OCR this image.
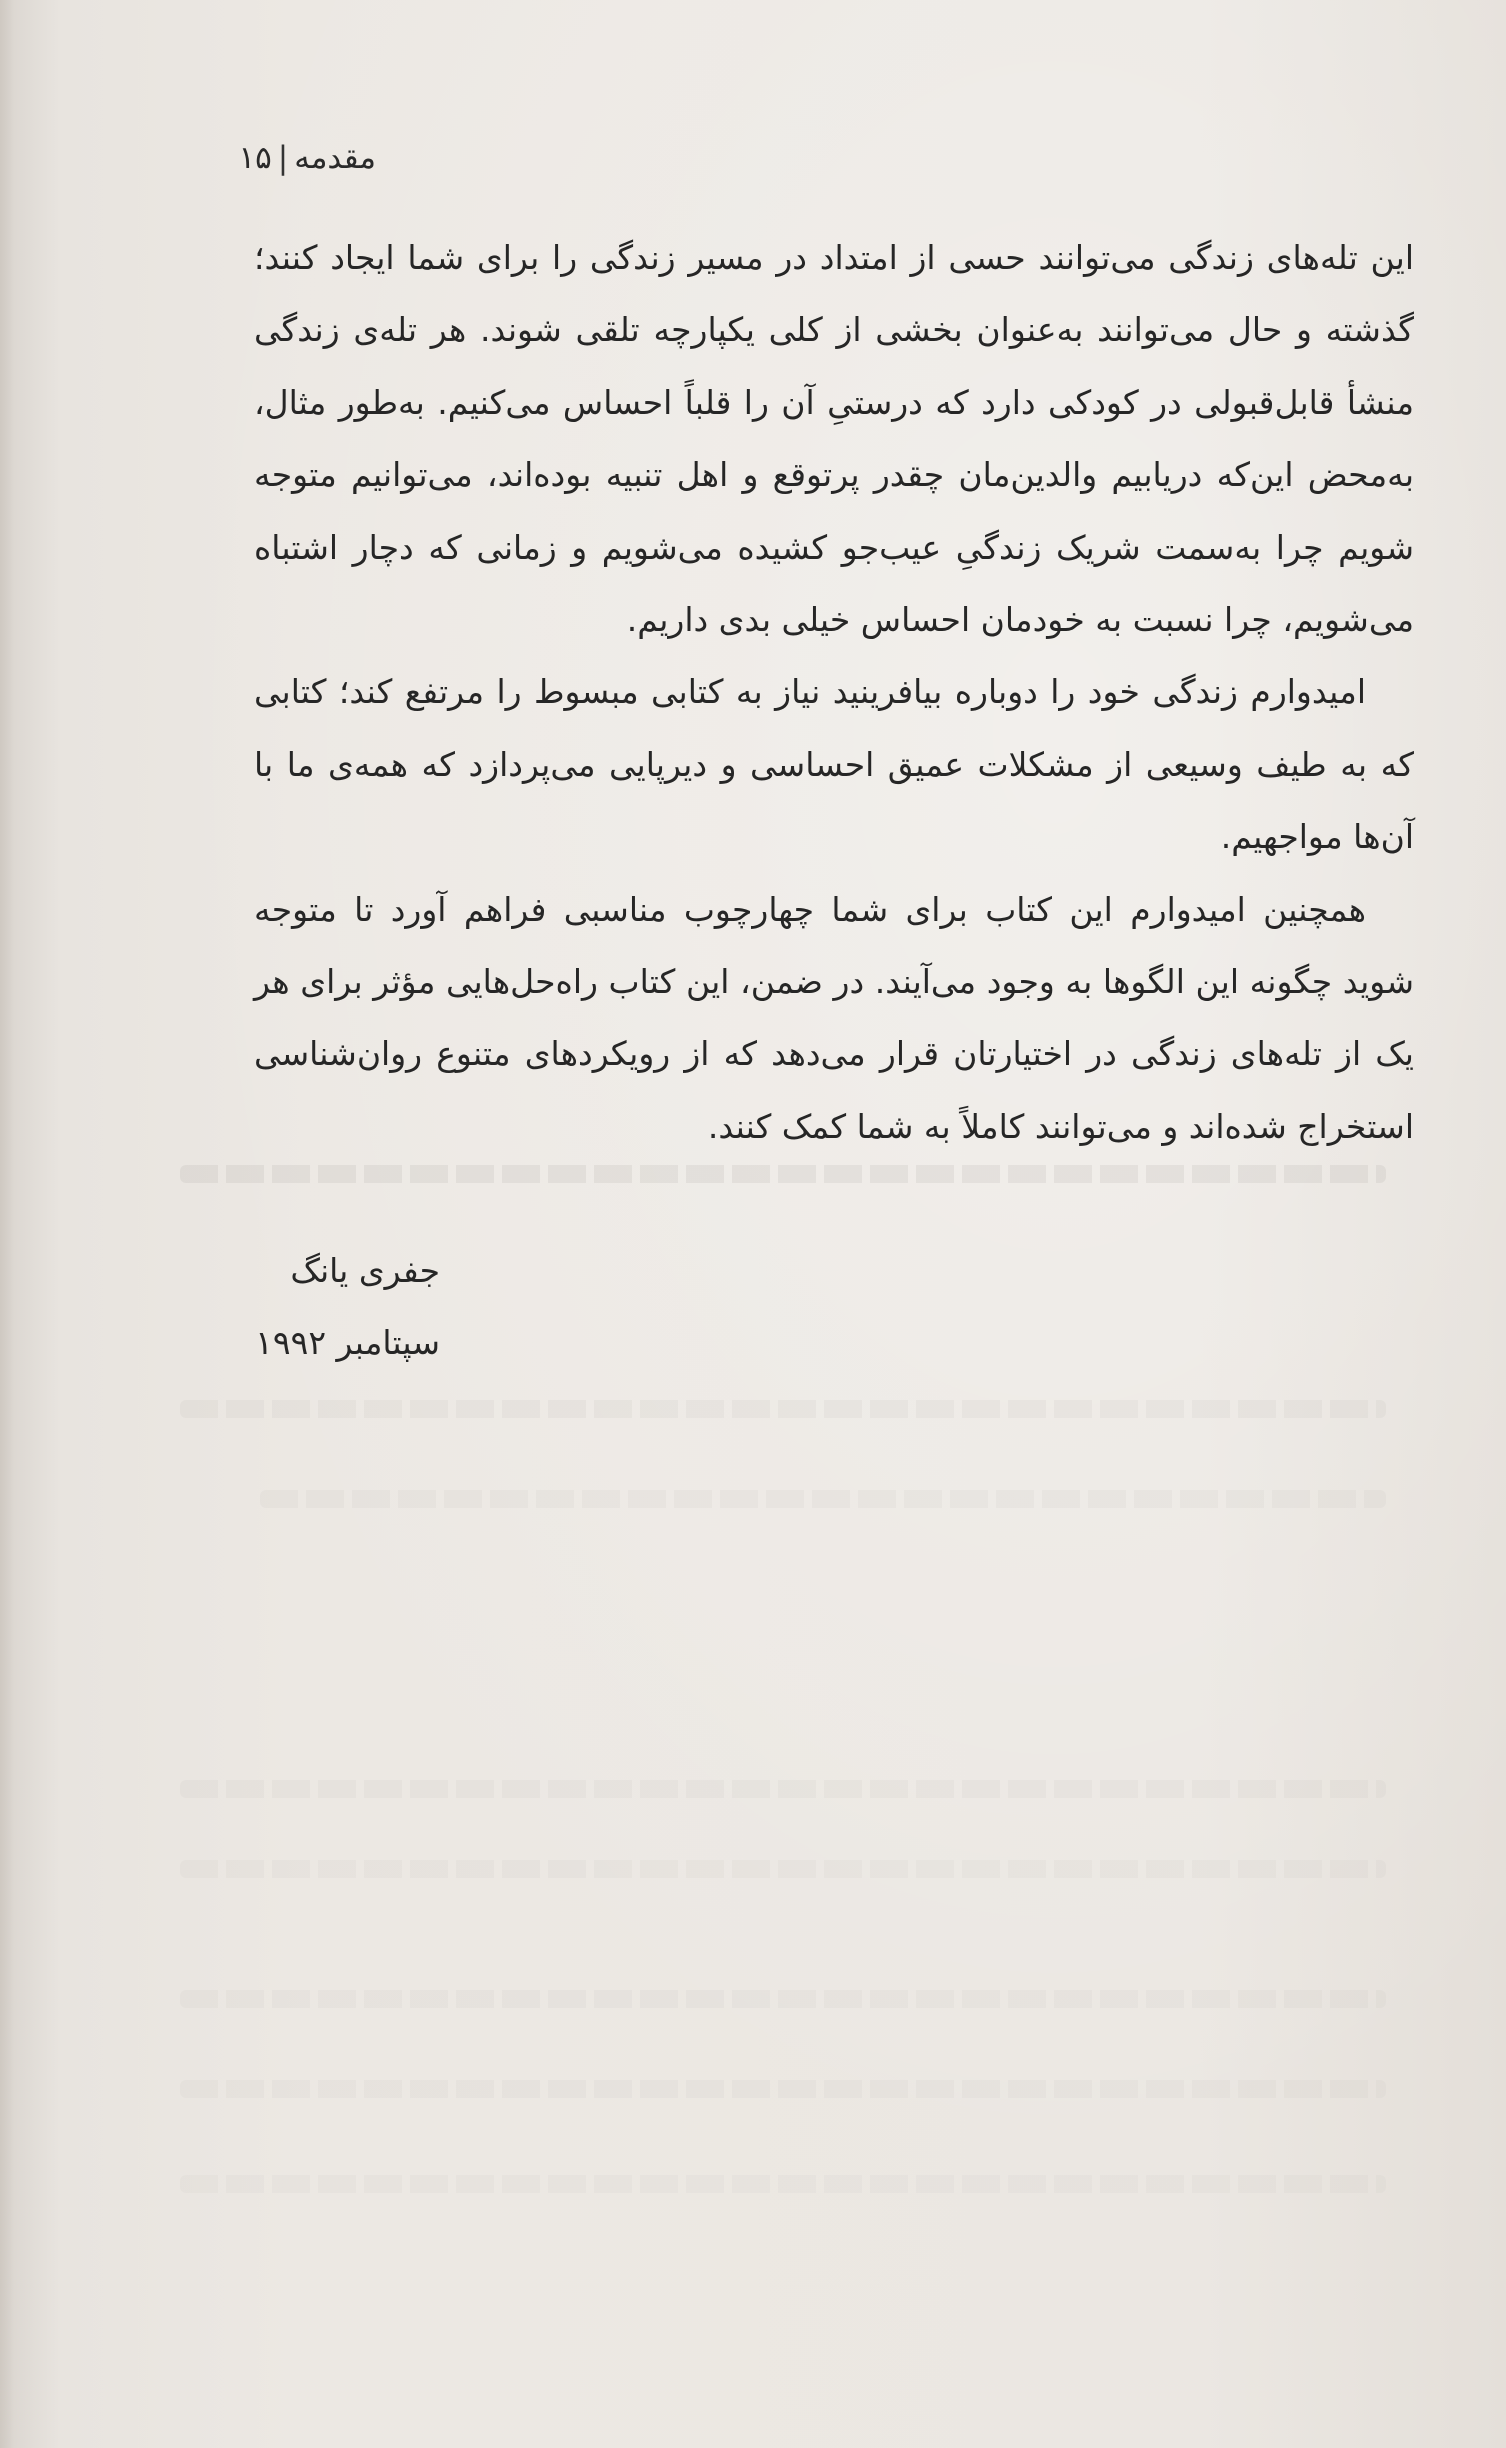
مقدمه|۱۵

این تله‌های زندگی می‌توانند حسی از امتداد در مسیر زندگی را برای شما ایجاد کنند؛ گذشته و حال می‌توانند به‌عنوان بخشی از کلی یکپارچه تلقی شوند. هر تله‌ی زندگی منشأ قابل‌قبولی در کودکی دارد که درستیِ آن را قلباً احساس می‌کنیم. به‌طور مثال، به‌محض این‌که دریابیم والدین‌مان چقدر پرتوقع و اهل تنبیه بوده‌اند، می‌توانیم متوجه شویم چرا به‌سمت شریک زندگیِ عیب‌جو کشیده می‌شویم و زمانی که دچار اشتباه می‌شویم، چرا نسبت به خودمان احساس خیلی بدی داریم.

امیدوارم زندگی خود را دوباره بیافرینید نیاز به کتابی مبسوط را مرتفع کند؛ کتابی که به طیف وسیعی از مشکلات عمیق احساسی و دیرپایی می‌پردازد که همه‌ی ما با آن‌ها مواجهیم.

همچنین امیدوارم این کتاب برای شما چهارچوب مناسبی فراهم آورد تا متوجه شوید چگونه این الگوها به وجود می‌آیند. در ضمن، این کتاب راه‌حل‌هایی مؤثر برای هر یک از تله‌های زندگی در اختیارتان قرار می‌دهد که از رویکردهای متنوع روان‌شناسی استخراج شده‌اند و می‌توانند کاملاً به شما کمک کنند.

جفری یانگ
سپتامبر ۱۹۹۲
